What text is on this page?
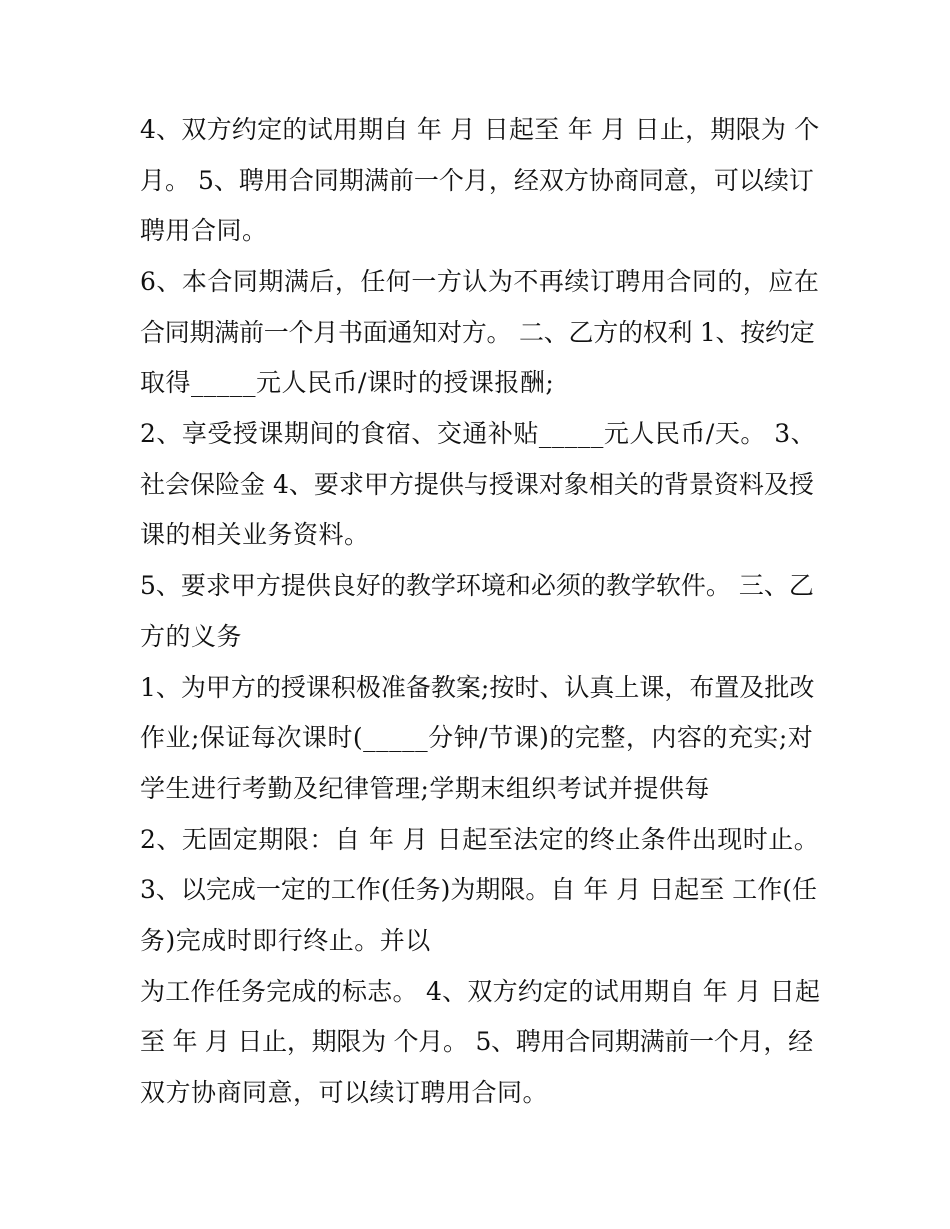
4、双方约定的试用期自 年 月 日起至 年 月 日止，期限为 个
月。 5、聘用合同期满前一个月，经双方协商同意，可以续订
聘用合同。
6、本合同期满后，任何一方认为不再续订聘用合同的，应在
合同期满前一个月书面通知对方。 二、乙方的权利 1、按约定
取得_____元人民币/课时的授课报酬;
2、享受授课期间的食宿、交通补贴_____元人民币/天。 3、
社会保险金 4、要求甲方提供与授课对象相关的背景资料及授
课的相关业务资料。
5、要求甲方提供良好的教学环境和必须的教学软件。 三、乙
方的义务
1、为甲方的授课积极准备教案;按时、认真上课，布置及批改
作业;保证每次课时(_____分钟/节课)的完整，内容的充实;对
学生进行考勤及纪律管理;学期末组织考试并提供每
2、无固定期限：自 年 月 日起至法定的终止条件出现时止。
3、以完成一定的工作(任务)为期限。自 年 月 日起至 工作(任
务)完成时即行终止。并以
为工作任务完成的标志。 4、双方约定的试用期自 年 月 日起
至 年 月 日止，期限为 个月。 5、聘用合同期满前一个月，经
双方协商同意，可以续订聘用合同。
